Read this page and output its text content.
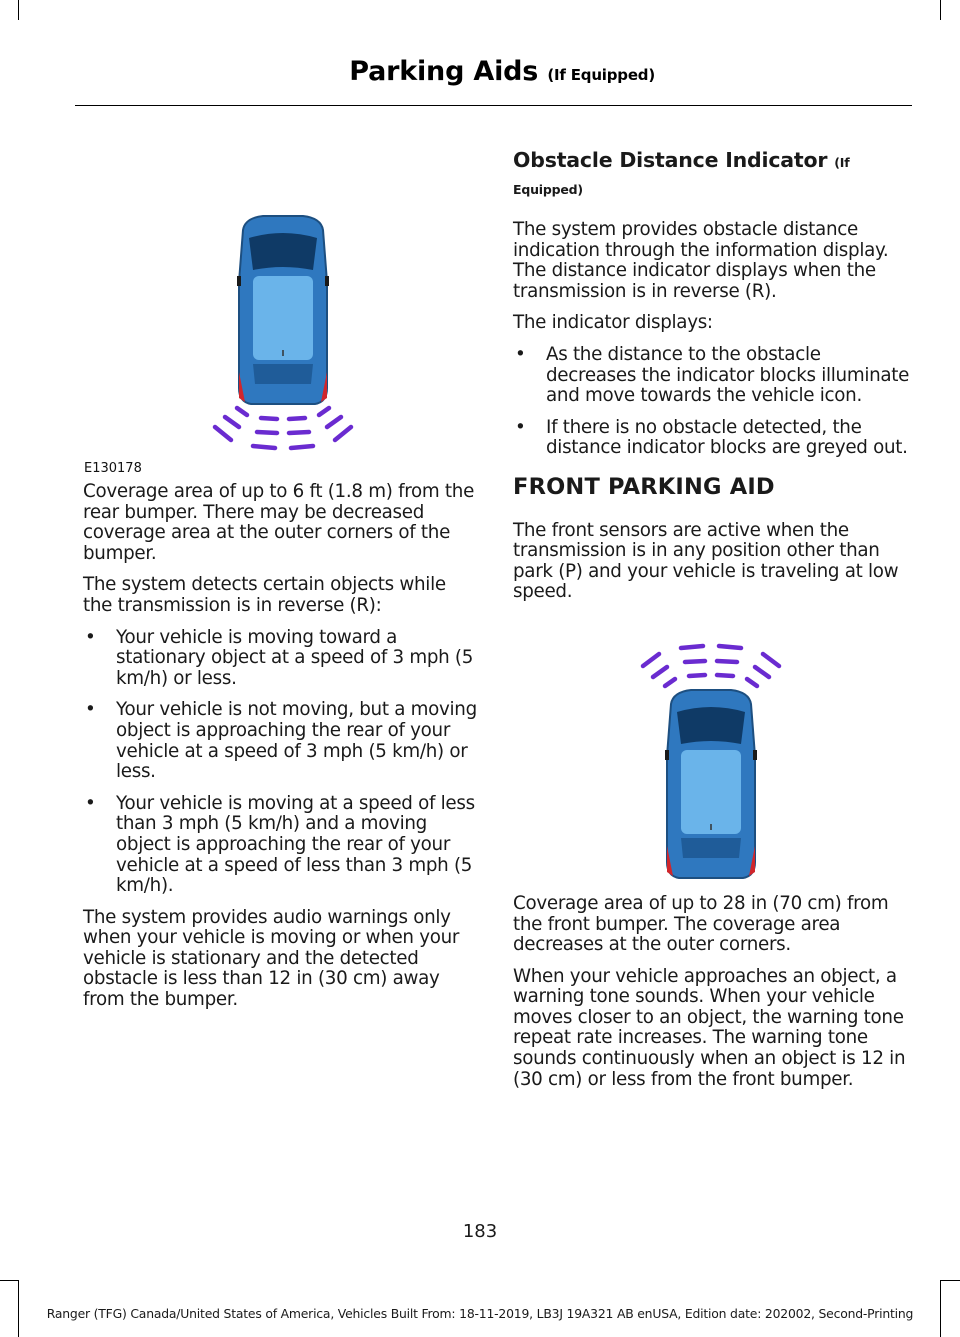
Parking Aids (If Equipped)
E130178

Coverage area of up to 6 ft (1.8 m) from the rear bumper. There may be decreased coverage area at the outer corners of the bumper.

The system detects certain objects while the transmission is in reverse (R):

• Your vehicle is moving toward a stationary object at a speed of 3 mph (5 km/h) or less.
• Your vehicle is not moving, but a moving object is approaching the rear of your vehicle at a speed of 3 mph (5 km/h) or less.
• Your vehicle is moving at a speed of less than 3 mph (5 km/h) and a moving object is approaching the rear of your vehicle at a speed of less than 3 mph (5 km/h).

The system provides audio warnings only when your vehicle is moving or when your vehicle is stationary and the detected obstacle is less than 12 in (30 cm) away from the bumper.

Obstacle Distance Indicator (If Equipped)

The system provides obstacle distance indication through the information display. The distance indicator displays when the transmission is in reverse (R).

The indicator displays:

• As the distance to the obstacle decreases the indicator blocks illuminate and move towards the vehicle icon.
• If there is no obstacle detected, the distance indicator blocks are greyed out.
FRONT PARKING AID

The front sensors are active when the transmission is in any position other than park (P) and your vehicle is traveling at low speed.

Coverage area of up to 28 in (70 cm) from the front bumper. The coverage area decreases at the outer corners.

When your vehicle approaches an object, a warning tone sounds. When your vehicle moves closer to an object, the warning tone repeat rate increases. The warning tone sounds continuously when an object is 12 in (30 cm) or less from the front bumper.

183
Ranger (TFG) Canada/United States of America, Vehicles Built From: 18-11-2019, LB3J 19A321 AB enUSA, Edition date: 202002, Second-Printing
